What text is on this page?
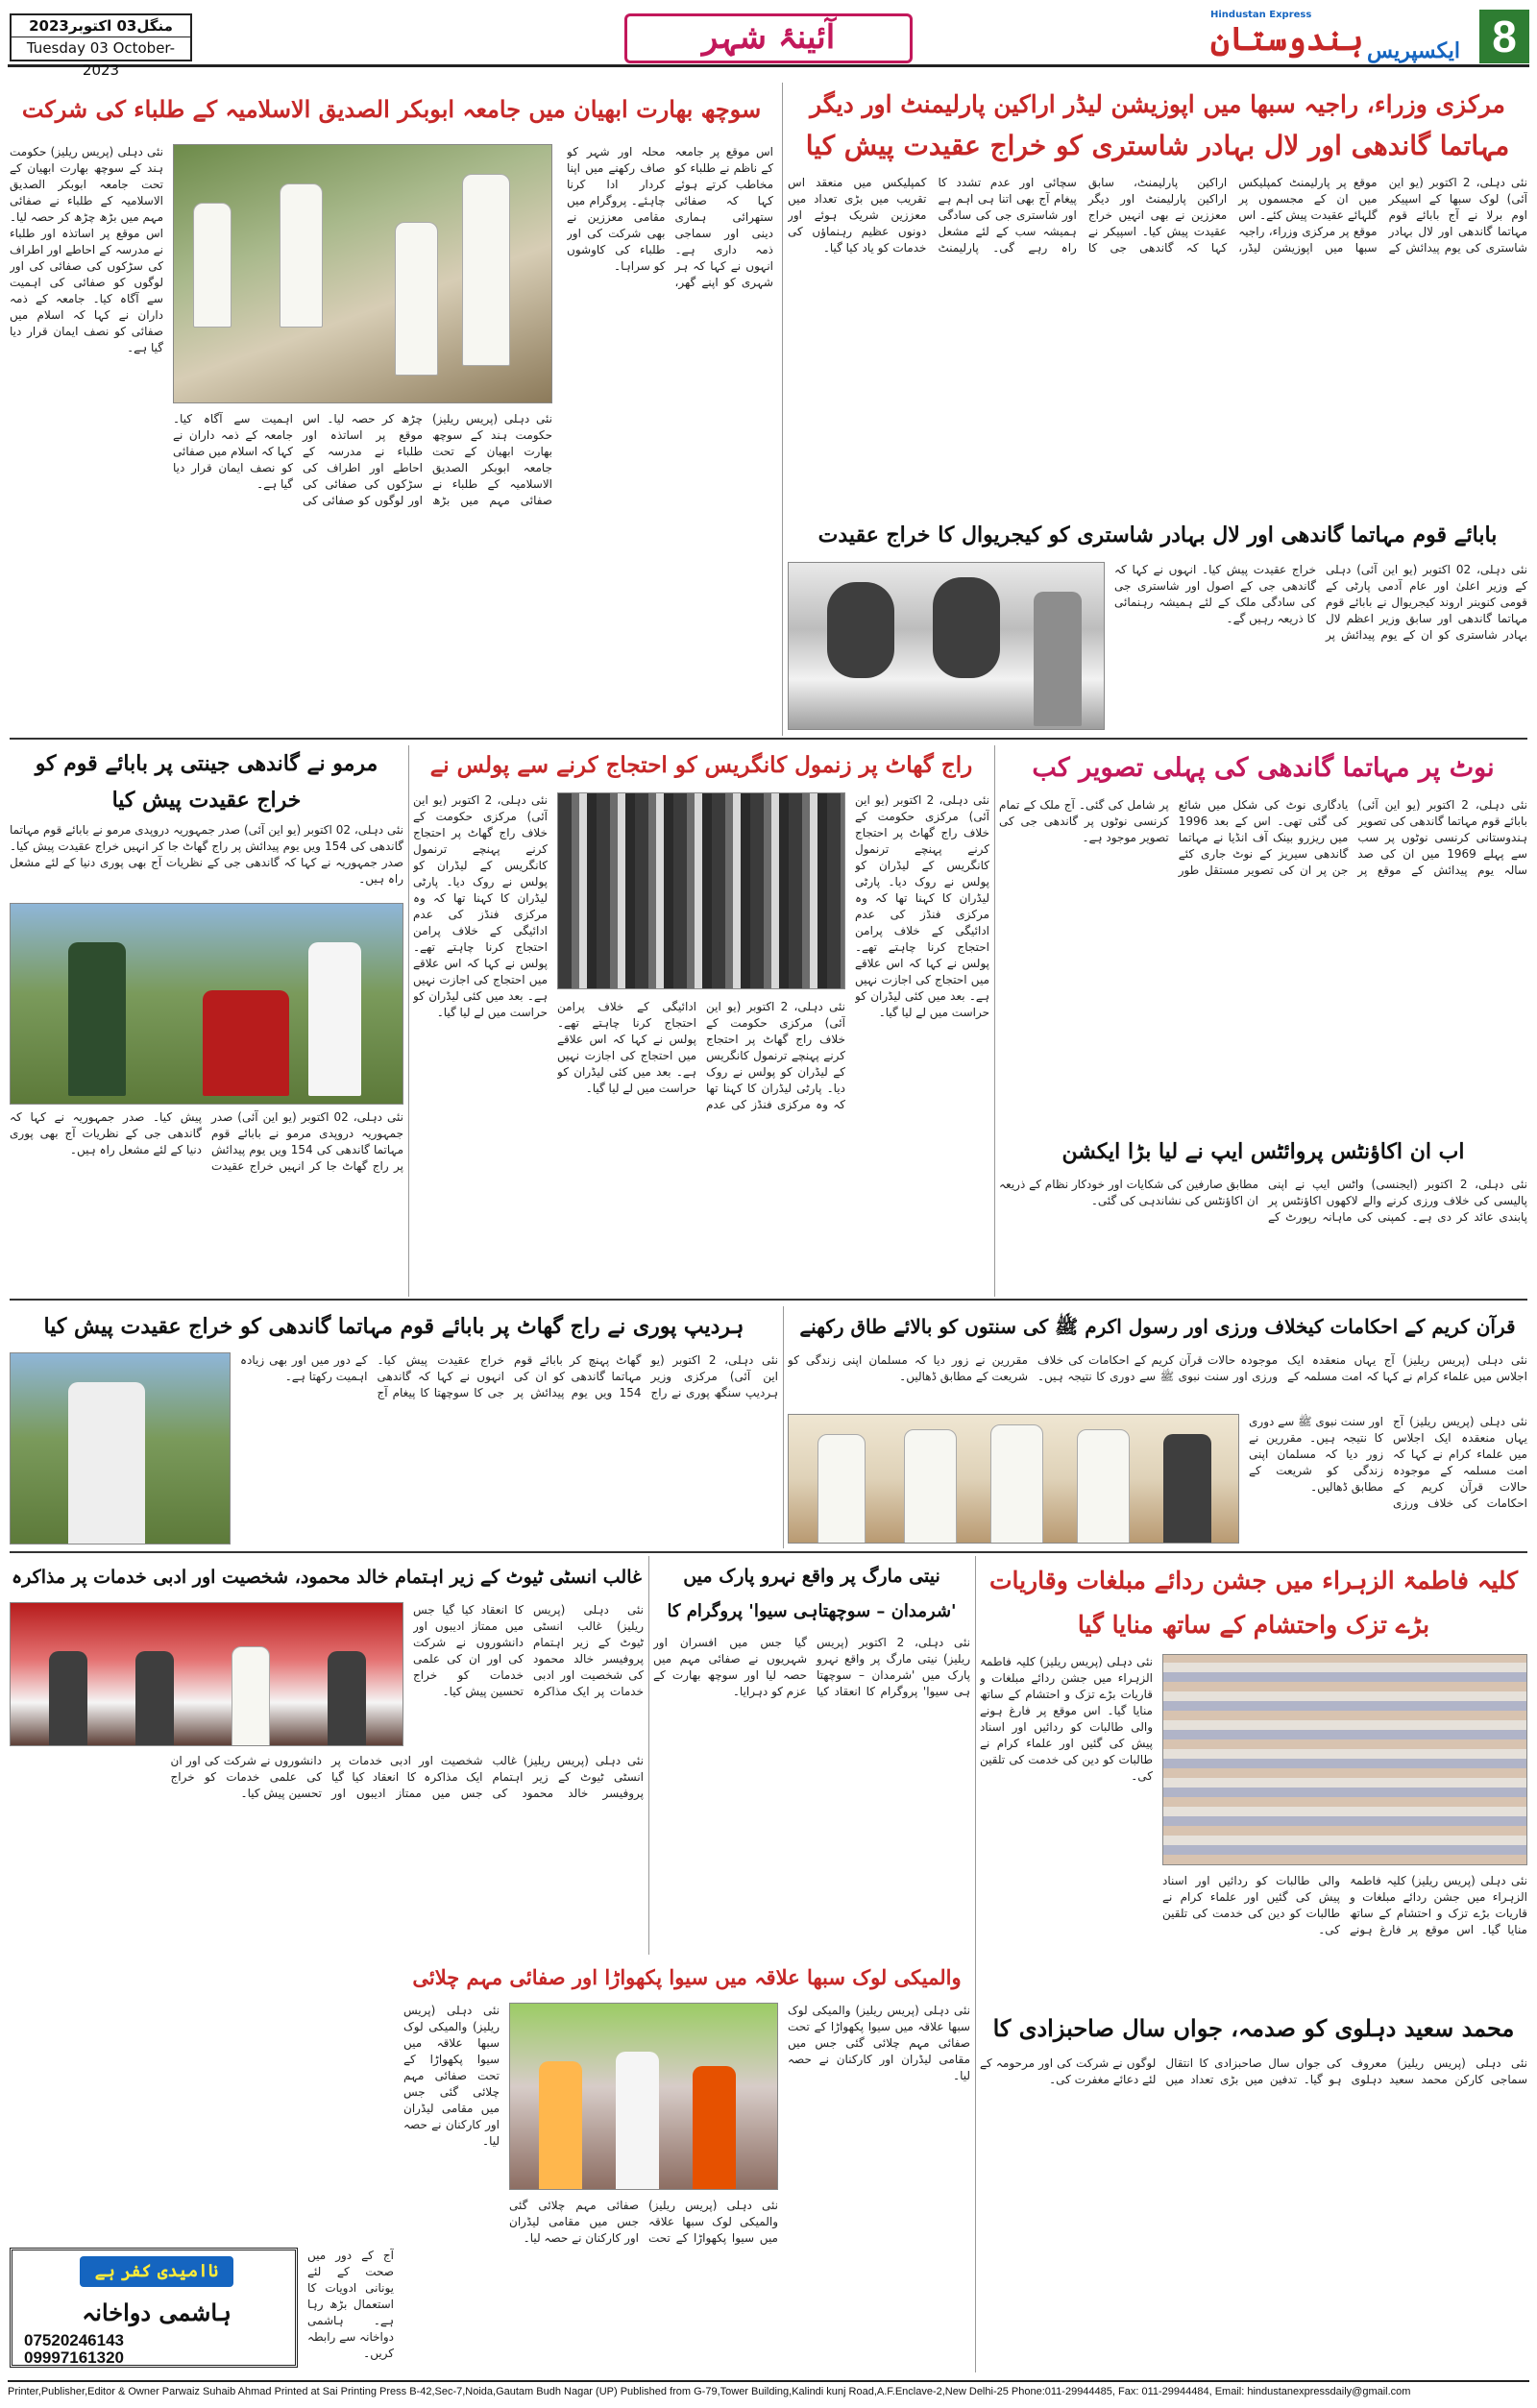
منگل03 اکتوبر2023
Tuesday 03 October-2023
آئینۂ شہر
Hindustan Express
ہندوستان ایکسپریس 8
مرکزی وزراء، راجیہ سبھا میں اپوزیشن لیڈر اراکین پارلیمنٹ اور دیگر
مہاتما گاندھی اور لال بہادر شاستری کو خراج عقیدت پیش کیا
نئی دہلی، 2 اکتوبر (یو این آئی) لوک سبھا کے اسپیکر اوم برلا نے آج بابائے قوم مہاتما گاندھی اور لال بہادر شاستری کی یوم پیدائش کے موقع پر پارلیمنٹ کمپلیکس میں ان کے مجسموں پر گلہائے عقیدت پیش کئے۔ اس موقع پر مرکزی وزراء، راجیہ سبھا میں اپوزیشن لیڈر، اراکین پارلیمنٹ، سابق اراکین پارلیمنٹ اور دیگر معززین نے بھی انہیں خراج عقیدت پیش کیا۔ اسپیکر نے کہا کہ گاندھی جی کا سچائی اور عدم تشدد کا پیغام آج بھی اتنا ہی اہم ہے اور شاستری جی کی سادگی ہمیشہ سب کے لئے مشعل راہ رہے گی۔ پارلیمنٹ کمپلیکس میں منعقد اس تقریب میں بڑی تعداد میں معززین شریک ہوئے اور دونوں عظیم رہنماؤں کی خدمات کو یاد کیا گیا۔
سوچھ بھارت ابھیان میں جامعہ ابوبکر الصدیق الاسلامیہ کے طلباء کی شرکت
نئی دہلی (پریس ریلیز) حکومت ہند کے سوچھ بھارت ابھیان کے تحت جامعہ ابوبکر الصدیق الاسلامیہ کے طلباء نے صفائی مہم میں بڑھ چڑھ کر حصہ لیا۔ اس موقع پر اساتذہ اور طلباء نے مدرسہ کے احاطے اور اطراف کی سڑکوں کی صفائی کی اور لوگوں کو صفائی کی اہمیت سے آگاہ کیا۔ جامعہ کے ذمہ داران نے کہا کہ اسلام میں صفائی کو نصف ایمان قرار دیا گیا ہے۔
اس موقع پر جامعہ کے ناظم نے طلباء کو مخاطب کرتے ہوئے کہا کہ صفائی ستھرائی ہماری دینی اور سماجی ذمہ داری ہے۔ انہوں نے کہا کہ ہر شہری کو اپنے گھر، محلہ اور شہر کو صاف رکھنے میں اپنا کردار ادا کرنا چاہئے۔ پروگرام میں مقامی معززین نے بھی شرکت کی اور طلباء کی کاوشوں کو سراہا۔
نئی دہلی (پریس ریلیز) حکومت ہند کے سوچھ بھارت ابھیان کے تحت جامعہ ابوبکر الصدیق الاسلامیہ کے طلباء نے صفائی مہم میں بڑھ چڑھ کر حصہ لیا۔ اس موقع پر اساتذہ اور طلباء نے مدرسہ کے احاطے اور اطراف کی سڑکوں کی صفائی کی اور لوگوں کو صفائی کی اہمیت سے آگاہ کیا۔ جامعہ کے ذمہ داران نے کہا کہ اسلام میں صفائی کو نصف ایمان قرار دیا گیا ہے۔
بابائے قوم مہاتما گاندھی اور لال بہادر شاستری کو کیجریوال کا خراج عقیدت
نئی دہلی، 02 اکتوبر (یو این آئی) دہلی کے وزیر اعلیٰ اور عام آدمی پارٹی کے قومی کنوینر اروند کیجریوال نے بابائے قوم مہاتما گاندھی اور سابق وزیر اعظم لال بہادر شاستری کو ان کے یوم پیدائش پر خراج عقیدت پیش کیا۔ انہوں نے کہا کہ گاندھی جی کے اصول اور شاستری جی کی سادگی ملک کے لئے ہمیشہ رہنمائی کا ذریعہ رہیں گے۔
مرمو نے گاندھی جینتی پر بابائے قوم کو
خراج عقیدت پیش کیا
نئی دہلی، 02 اکتوبر (یو این آئی) صدر جمہوریہ دروپدی مرمو نے بابائے قوم مہاتما گاندھی کی 154 ویں یوم پیدائش پر راج گھاٹ جا کر انہیں خراج عقیدت پیش کیا۔ صدر جمہوریہ نے کہا کہ گاندھی جی کے نظریات آج بھی پوری دنیا کے لئے مشعل راہ ہیں۔
نئی دہلی، 02 اکتوبر (یو این آئی) صدر جمہوریہ دروپدی مرمو نے بابائے قوم مہاتما گاندھی کی 154 ویں یوم پیدائش پر راج گھاٹ جا کر انہیں خراج عقیدت پیش کیا۔ صدر جمہوریہ نے کہا کہ گاندھی جی کے نظریات آج بھی پوری دنیا کے لئے مشعل راہ ہیں۔
راج گھاٹ پر زنمول کانگریس کو احتجاج کرنے سے پولس نے
نئی دہلی، 2 اکتوبر (یو این آئی) مرکزی حکومت کے خلاف راج گھاٹ پر احتجاج کرنے پہنچے ترنمول کانگریس کے لیڈران کو پولس نے روک دیا۔ پارٹی لیڈران کا کہنا تھا کہ وہ مرکزی فنڈز کی عدم ادائیگی کے خلاف پرامن احتجاج کرنا چاہتے تھے۔ پولس نے کہا کہ اس علاقے میں احتجاج کی اجازت نہیں ہے۔ بعد میں کئی لیڈران کو حراست میں لے لیا گیا۔
نئی دہلی، 2 اکتوبر (یو این آئی) مرکزی حکومت کے خلاف راج گھاٹ پر احتجاج کرنے پہنچے ترنمول کانگریس کے لیڈران کو پولس نے روک دیا۔ پارٹی لیڈران کا کہنا تھا کہ وہ مرکزی فنڈز کی عدم ادائیگی کے خلاف پرامن احتجاج کرنا چاہتے تھے۔ پولس نے کہا کہ اس علاقے میں احتجاج کی اجازت نہیں ہے۔ بعد میں کئی لیڈران کو حراست میں لے لیا گیا۔
نئی دہلی، 2 اکتوبر (یو این آئی) مرکزی حکومت کے خلاف راج گھاٹ پر احتجاج کرنے پہنچے ترنمول کانگریس کے لیڈران کو پولس نے روک دیا۔ پارٹی لیڈران کا کہنا تھا کہ وہ مرکزی فنڈز کی عدم ادائیگی کے خلاف پرامن احتجاج کرنا چاہتے تھے۔ پولس نے کہا کہ اس علاقے میں احتجاج کی اجازت نہیں ہے۔ بعد میں کئی لیڈران کو حراست میں لے لیا گیا۔
نوٹ پر مہاتما گاندھی کی پہلی تصویر کب
نئی دہلی، 2 اکتوبر (یو این آئی) بابائے قوم مہاتما گاندھی کی تصویر ہندوستانی کرنسی نوٹوں پر سب سے پہلے 1969 میں ان کی صد سالہ یوم پیدائش کے موقع پر یادگاری نوٹ کی شکل میں شائع کی گئی تھی۔ اس کے بعد 1996 میں ریزرو بینک آف انڈیا نے مہاتما گاندھی سیریز کے نوٹ جاری کئے جن پر ان کی تصویر مستقل طور پر شامل کی گئی۔ آج ملک کے تمام کرنسی نوٹوں پر گاندھی جی کی تصویر موجود ہے۔
اب ان اکاؤنٹس پروائٹس ایپ نے لیا بڑا ایکشن
نئی دہلی، 2 اکتوبر (ایجنسی) واٹس ایپ نے اپنی پالیسی کی خلاف ورزی کرنے والے لاکھوں اکاؤنٹس پر پابندی عائد کر دی ہے۔ کمپنی کی ماہانہ رپورٹ کے مطابق صارفین کی شکایات اور خودکار نظام کے ذریعہ ان اکاؤنٹس کی نشاندہی کی گئی۔
ہردیپ پوری نے راج گھاٹ پر بابائے قوم مہاتما گاندھی کو خراج عقیدت پیش کیا
نئی دہلی، 2 اکتوبر (یو این آئی) مرکزی وزیر ہردیپ سنگھ پوری نے راج گھاٹ پہنچ کر بابائے قوم مہاتما گاندھی کو ان کی 154 ویں یوم پیدائش پر خراج عقیدت پیش کیا۔ انہوں نے کہا کہ گاندھی جی کا سوچھتا کا پیغام آج کے دور میں اور بھی زیادہ اہمیت رکھتا ہے۔
قرآن کریم کے احکامات کیخلاف ورزی اور رسول اکرم ﷺ کی سنتوں کو بالائے طاق رکھنے
نئی دہلی (پریس ریلیز) آج یہاں منعقدہ ایک اجلاس میں علماء کرام نے کہا کہ امت مسلمہ کے موجودہ حالات قرآن کریم کے احکامات کی خلاف ورزی اور سنت نبوی ﷺ سے دوری کا نتیجہ ہیں۔ مقررین نے زور دیا کہ مسلمان اپنی زندگی کو شریعت کے مطابق ڈھالیں۔
نئی دہلی (پریس ریلیز) آج یہاں منعقدہ ایک اجلاس میں علماء کرام نے کہا کہ امت مسلمہ کے موجودہ حالات قرآن کریم کے احکامات کی خلاف ورزی اور سنت نبوی ﷺ سے دوری کا نتیجہ ہیں۔ مقررین نے زور دیا کہ مسلمان اپنی زندگی کو شریعت کے مطابق ڈھالیں۔
غالب انسٹی ٹیوٹ کے زیر اہتمام خالد محمود، شخصیت اور ادبی خدمات پر مذاکرہ
نئی دہلی (پریس ریلیز) غالب انسٹی ٹیوٹ کے زیر اہتمام پروفیسر خالد محمود کی شخصیت اور ادبی خدمات پر ایک مذاکرہ کا انعقاد کیا گیا جس میں ممتاز ادیبوں اور دانشوروں نے شرکت کی اور ان کی علمی خدمات کو خراج تحسین پیش کیا۔
نئی دہلی (پریس ریلیز) غالب انسٹی ٹیوٹ کے زیر اہتمام پروفیسر خالد محمود کی شخصیت اور ادبی خدمات پر ایک مذاکرہ کا انعقاد کیا گیا جس میں ممتاز ادیبوں اور دانشوروں نے شرکت کی اور ان کی علمی خدمات کو خراج تحسین پیش کیا۔
نیتی مارگ پر واقع نہرو پارک میں
'شرمدان – سوچھتاہی سیوا' پروگرام کا
نئی دہلی، 2 اکتوبر (پریس ریلیز) نیتی مارگ پر واقع نہرو پارک میں 'شرمدان – سوچھتا ہی سیوا' پروگرام کا انعقاد کیا گیا جس میں افسران اور شہریوں نے صفائی مہم میں حصہ لیا اور سوچھ بھارت کے عزم کو دہرایا۔
والمیکی لوک سبھا علاقہ میں سیوا پکھواڑا اور صفائی مہم چلائی
نئی دہلی (پریس ریلیز) والمیکی لوک سبھا علاقہ میں سیوا پکھواڑا کے تحت صفائی مہم چلائی گئی جس میں مقامی لیڈران اور کارکنان نے حصہ لیا۔
نئی دہلی (پریس ریلیز) والمیکی لوک سبھا علاقہ میں سیوا پکھواڑا کے تحت صفائی مہم چلائی گئی جس میں مقامی لیڈران اور کارکنان نے حصہ لیا۔
نئی دہلی (پریس ریلیز) والمیکی لوک سبھا علاقہ میں سیوا پکھواڑا کے تحت صفائی مہم چلائی گئی جس میں مقامی لیڈران اور کارکنان نے حصہ لیا۔
کلیہ فاطمۃ الزہراء میں جشن ردائے مبلغات وقاریات
بڑے تزک واحتشام کے ساتھ منایا گیا
نئی دہلی (پریس ریلیز) کلیہ فاطمۃ الزہراء میں جشن ردائے مبلغات و قاریات بڑے تزک و احتشام کے ساتھ منایا گیا۔ اس موقع پر فارغ ہونے والی طالبات کو ردائیں اور اسناد پیش کی گئیں اور علماء کرام نے طالبات کو دین کی خدمت کی تلقین کی۔
نئی دہلی (پریس ریلیز) کلیہ فاطمۃ الزہراء میں جشن ردائے مبلغات و قاریات بڑے تزک و احتشام کے ساتھ منایا گیا۔ اس موقع پر فارغ ہونے والی طالبات کو ردائیں اور اسناد پیش کی گئیں اور علماء کرام نے طالبات کو دین کی خدمت کی تلقین کی۔
محمد سعید دہلوی کو صدمہ، جواں سال صاحبزادی کا
نئی دہلی (پریس ریلیز) معروف سماجی کارکن محمد سعید دہلوی کی جواں سال صاحبزادی کا انتقال ہو گیا۔ تدفین میں بڑی تعداد میں لوگوں نے شرکت کی اور مرحومہ کے لئے دعائے مغفرت کی۔
آج کے دور میں صحت کے لئے یونانی ادویات کا استعمال بڑھ رہا ہے۔ ہاشمی دواخانہ سے رابطہ کریں۔
ناامیدی کفر ہے
ہاشمی دواخانہ
07520246143
09997161320
Printer,Publisher,Editor & Owner Parwaiz Suhaib Ahmad Printed at Sai Printing Press B-42,Sec-7,Noida,Gautam Budh Nagar (UP) Published from G-79,Tower Building,Kalindi kunj Road,A.F.Enclave-2,New Delhi-25 Phone:011-29944485, Fax: 011-29944484, Email: hindustanexpressdaily@gmail.com
